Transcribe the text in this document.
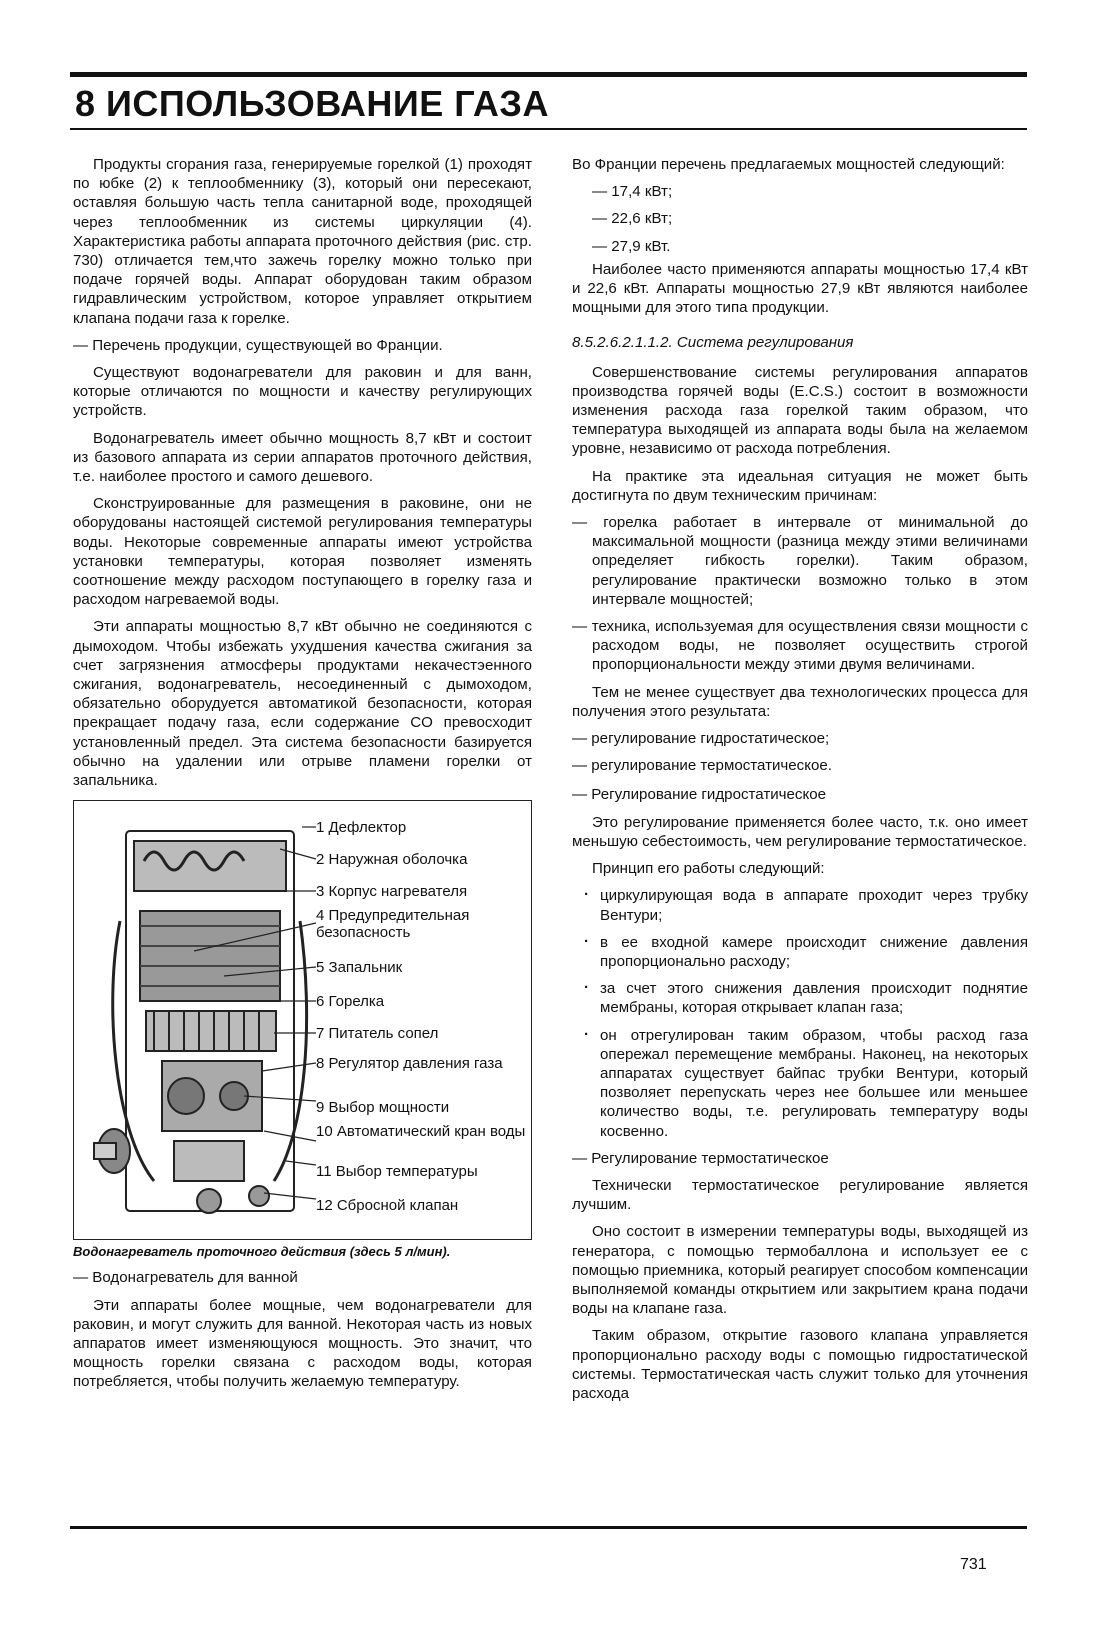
8 ИСПОЛЬЗОВАНИЕ ГАЗА

Продукты сгорания газа, генерируемые горелкой (1) проходят по юбке (2) к теплообменнику (3), который они пересекают, оставляя большую часть тепла санитарной воде, проходящей через теплообменник из системы циркуляции (4). Характеристика работы аппарата проточного действия (рис. стр. 730) отличается тем,что зажечь горелку можно только при подаче горячей воды. Аппарат оборудован таким образом гидравлическим устройством, которое управляет открытием клапана подачи газа к горелке.

— Перечень продукции, существующей во Франции.

Существуют водонагреватели для раковин и для ванн, которые отличаются по мощности и качеству регулирующих устройств.

Водонагреватель имеет обычно мощность 8,7 кВт и состоит из базового аппарата из серии аппаратов проточного действия, т.е. наиболее простого и самого дешевого.

Сконструированные для размещения в раковине, они не оборудованы настоящей системой регулирования температуры воды. Некоторые современные аппараты имеют устройства установки температуры, которая позволяет изменять соотношение между расходом поступающего в горелку газа и расходом нагреваемой воды.

Эти аппараты мощностью 8,7 кВт обычно не соединяются с дымоходом. Чтобы избежать ухудшения качества сжигания за счет загрязнения атмосферы продуктами некачестэенного сжигания, водонагреватель, несоединенный с дымоходом, обязательно оборудуется автоматикой безопасности, которая прекращает подачу газа, если содержание CO превосходит установленный предел. Эта система безопасности базируется обычно на удалении или отрыве пламени горелки от запальника.

1 Дефлектор
2 Наружная оболочка
3 Корпус нагревателя
4 Предупредительная безопасность
5 Запальник
6 Горелка
7 Питатель сопел
8 Регулятор давления газа
9 Выбор мощности
10 Автоматический кран воды
11 Выбор температуры
12 Сбросной клапан

Водонагреватель проточного действия (здесь 5 л/мин).

— Водонагреватель для ванной

Эти аппараты более мощные, чем водонагреватели для раковин, и могут служить для ванной. Некоторая часть из новых аппаратов имеет изменяющуюся мощность. Это значит, что мощность горелки связана с расходом воды, которая потребляется, чтобы получить желаемую температуру.

Во Франции перечень предлагаемых мощностей следующий:

— 17,4 кВт;

— 22,6 кВт;

— 27,9 кВт.

Наиболее часто применяются аппараты мощностью 17,4 кВт и 22,6 кВт. Аппараты мощностью 27,9 кВт являются наиболее мощными для этого типа продукции.

8.5.2.6.2.1.1.2. Система регулирования

Совершенствование системы регулирования аппаратов производства горячей воды (E.C.S.) состоит в возможности изменения расхода газа горелкой таким образом, что температура выходящей из аппарата воды была на желаемом уровне, независимо от расхода потребления.

На практике эта идеальная ситуация не может быть достигнута по двум техническим причинам:

— горелка работает в интервале от минимальной до максимальной мощности (разница между этими величинами определяет гибкость горелки). Таким образом, регулирование практически возможно только в этом интервале мощностей;

— техника, используемая для осуществления связи мощности с расходом воды, не позволяет осуществить строгой пропорциональности между этими двумя величинами.

Тем не менее существует два технологических процесса для получения этого результата:

— регулирование гидростатическое;

— регулирование термостатическое.

— Регулирование гидростатическое

Это регулирование применяется более часто, т.к. оно имеет меньшую себестоимость, чем регулирование термостатическое.

Принцип его работы следующий:

· циркулирующая вода в аппарате проходит через трубку Вентури;

· в ее входной камере происходит снижение давления пропорционально расходу;

· за счет этого снижения давления происходит поднятие мембраны, которая открывает клапан газа;

· он отрегулирован таким образом, чтобы расход газа опережал перемещение мембраны. Наконец, на некоторых аппаратах существует байпас трубки Вентури, который позволяет перепускать через нее большее или меньшее количество воды, т.е. регулировать температуру воды косвенно.

— Регулирование термостатическое

Технически термостатическое регулирование является лучшим.

Оно состоит в измерении температуры воды, выходящей из генератора, с помощью термобаллона и использует ее с помощью приемника, который реагирует способом компенсации выполняемой команды открытием или закрытием крана подачи воды на клапане газа.

Таким образом, открытие газового клапана управляется пропорционально расходу воды с помощью гидростатической системы. Термостатическая часть служит только для уточнения расхода

731
